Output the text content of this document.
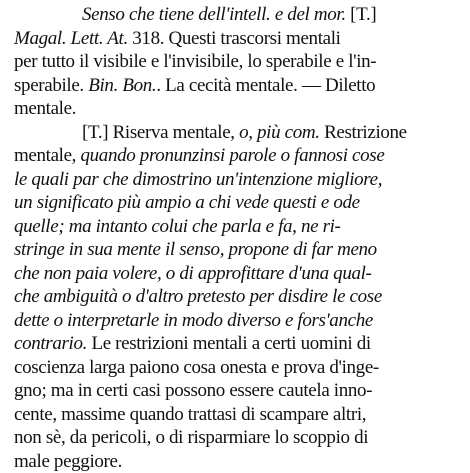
Senso che tiene dell'intell. e del mor. [T.]
Magal. Lett. At. 318. Questi trascorsi mentali
per tutto il visibile e l'invisibile, lo sperabile e l'in-
sperabile. Bin. Bon.. La cecità mentale. — Diletto
mentale.
[T.] Riserva mentale, o, più com. Restrizione
mentale, quando pronunzinsi parole o fannosi cose
le quali par che dimostrino un'intenzione migliore,
un significato più ampio a chi vede questi e ode
quelle; ma intanto colui che parla e fa, ne ri-
stringe in sua mente il senso, propone di far meno
che non paia volere, o di approfittare d'una qual-
che ambiguità o d'altro pretesto per disdire le cose
dette o interpretarle in modo diverso e fors'anche
contrario. Le restrizioni mentali a certi uomini di
coscienza larga paiono cosa onesta e prova d'inge-
gno; ma in certi casi possono essere cautela inno-
cente, massime quando trattasi di scampare altri,
non sè, da pericoli, o di risparmiare lo scoppio di
male peggiore.
